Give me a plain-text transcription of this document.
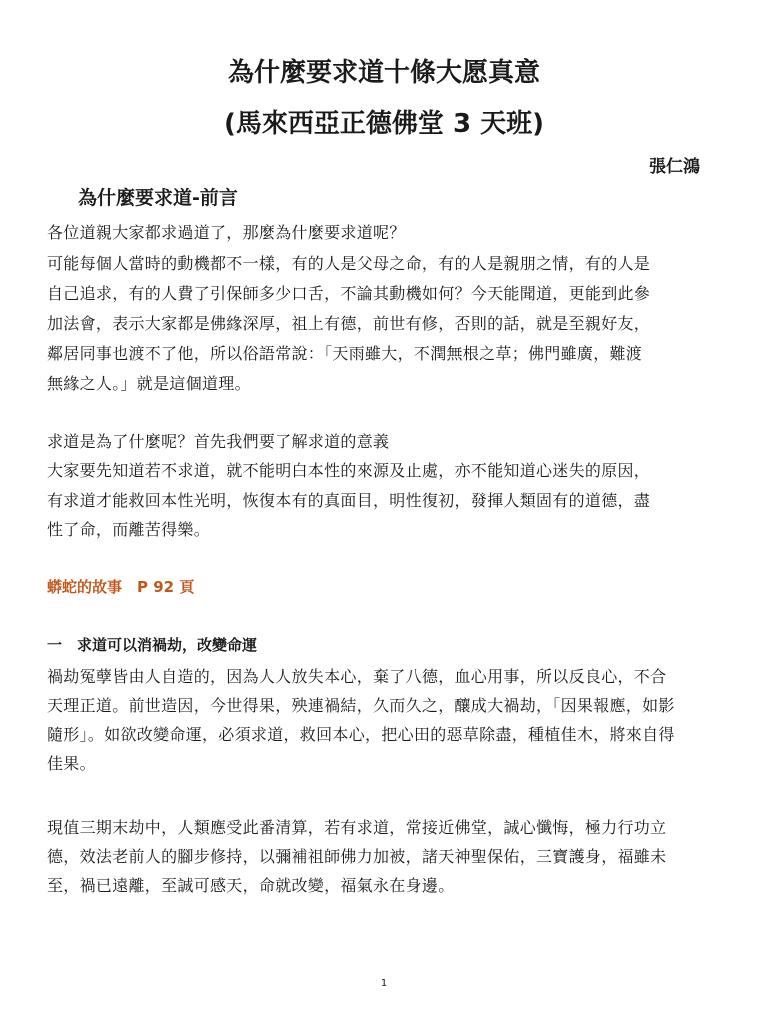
為什麼要求道十條大愿真意
(馬來西亞正德佛堂 3 天班)
張仁鴻
為什麼要求道-前言
各位道親大家都求過道了，那麼為什麼要求道呢？
可能每個人當時的動機都不一樣，有的人是父母之命，有的人是親朋之情，有的人是
自己追求，有的人費了引保師多少口舌，不論其動機如何？今天能聞道，更能到此參
加法會，表示大家都是佛緣深厚，祖上有德，前世有修，否則的話，就是至親好友，
鄰居同事也渡不了他，所以俗語常說：「天雨雖大，不潤無根之草；佛門雖廣，難渡
無緣之人。」就是這個道理。
求道是為了什麼呢？首先我們要了解求道的意義
大家要先知道若不求道，就不能明白本性的來源及止處，亦不能知道心迷失的原因，
有求道才能救回本性光明，恢復本有的真面目，明性復初，發揮人類固有的道德，盡
性了命，而離苦得樂。
蟒蛇的故事　P 92 頁
一　求道可以消禍劫，改變命運
禍劫冤孽皆由人自造的，因為人人放失本心，棄了八德，血心用事，所以反良心，不合
天理正道。前世造因，今世得果，殃連禍結，久而久之，釀成大禍劫，「因果報應，如影
隨形」。如欲改變命運，必須求道，救回本心，把心田的惡草除盡，種植佳木，將來自得
佳果。
現值三期末劫中，人類應受此番清算，若有求道，常接近佛堂，誠心懺悔，極力行功立
德，效法老前人的腳步修持，以彌補祖師佛力加被，諸天神聖保佑，三寶護身，福雖未
至，禍已遠離，至誠可感天，命就改變，福氣永在身邊。
1
